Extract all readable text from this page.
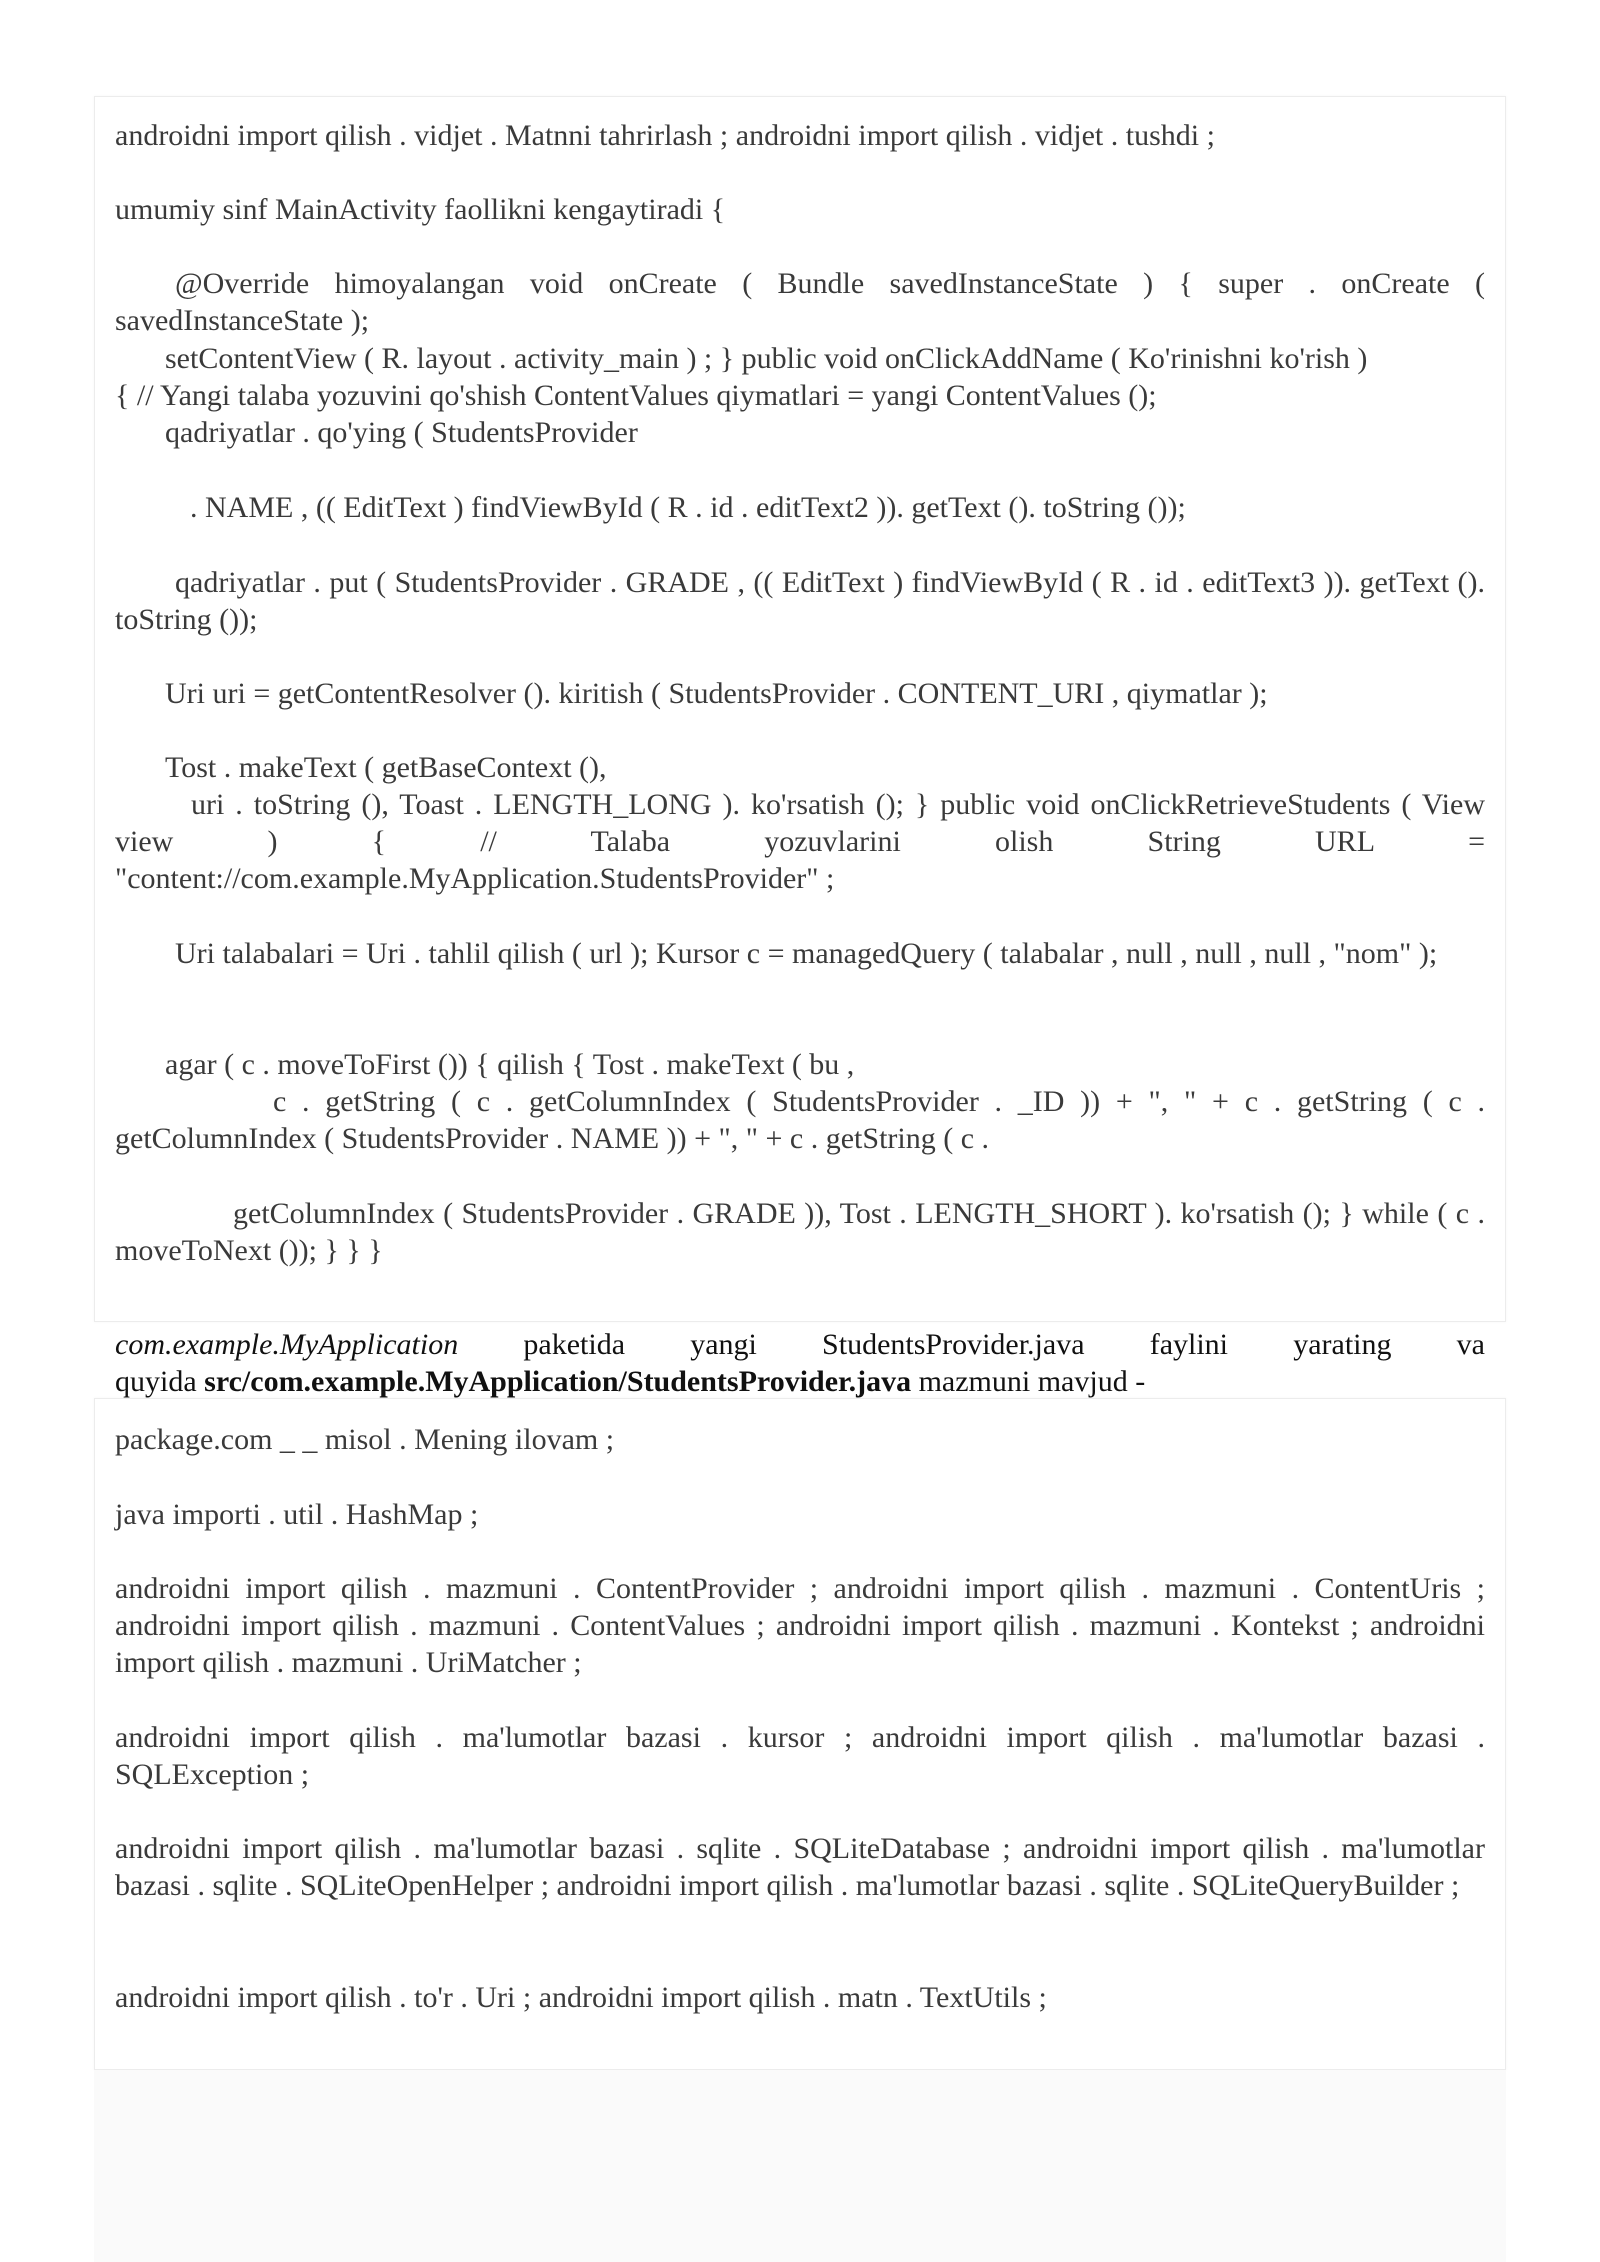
androidni import qilish . vidjet . Matnni tahrirlash ; androidni import qilish . vidjet . tushdi ;

umumiy sinf MainActivity faollikni kengaytiradi {

@Override himoyalangan void onCreate ( Bundle savedInstanceState ) { super . onCreate ( savedInstanceState );

setContentView ( R. layout . activity_main ) ; } public void onClickAddName ( Ko'rinishni ko'rish )
{ // Yangi talaba yozuvini qo'shish ContentValues qiymatlari = yangi ContentValues ();
qadriyatlar . qo'ying ( StudentsProvider

. NAME , (( EditText ) findViewById ( R . id . editText2 )). getText (). toString ());

qadriyatlar . put ( StudentsProvider . GRADE , (( EditText ) findViewById ( R . id . editText3 )). getText (). toString ());

Uri uri = getContentResolver (). kiritish ( StudentsProvider . CONTENT_URI , qiymatlar );

Tost . makeText ( getBaseContext (),
uri . toString (), Toast . LENGTH_LONG ). ko'rsatish (); } public void onClickRetrieveStudents ( View view ) { // Talaba yozuvlarini olish String URL =
"content://com.example.MyApplication.StudentsProvider" ;

Uri talabalari = Uri . tahlil qilish ( url ); Kursor c = managedQuery ( talabalar , null , null , null , "nom" );

agar ( c . moveToFirst ()) { qilish { Tost . makeText ( bu ,
c . getString ( c . getColumnIndex ( StudentsProvider . _ID )) + ", " + c . getString ( c . getColumnIndex ( StudentsProvider . NAME )) + ", " + c . getString ( c .

getColumnIndex ( StudentsProvider . GRADE )), Tost . LENGTH_SHORT ). ko'rsatish (); } while ( c . moveToNext ()); } } }

com.example.MyApplication paketida yangi StudentsProvider.java faylini yarating va
quyida src/com.example.MyApplication/StudentsProvider.java mazmuni mavjud -

package.com _ _ misol . Mening ilovam ;

java importi . util . HashMap ;

androidni import qilish . mazmuni . ContentProvider ; androidni import qilish . mazmuni . ContentUris ; androidni import qilish . mazmuni . ContentValues ; androidni import qilish . mazmuni . Kontekst ; androidni import qilish . mazmuni . UriMatcher ;

androidni import qilish . ma'lumotlar bazasi . kursor ; androidni import qilish . ma'lumotlar bazasi . SQLException ;

androidni import qilish . ma'lumotlar bazasi . sqlite . SQLiteDatabase ; androidni import qilish . ma'lumotlar bazasi . sqlite . SQLiteOpenHelper ; androidni import qilish . ma'lumotlar bazasi . sqlite . SQLiteQueryBuilder ;

androidni import qilish . to'r . Uri ; androidni import qilish . matn . TextUtils ;
